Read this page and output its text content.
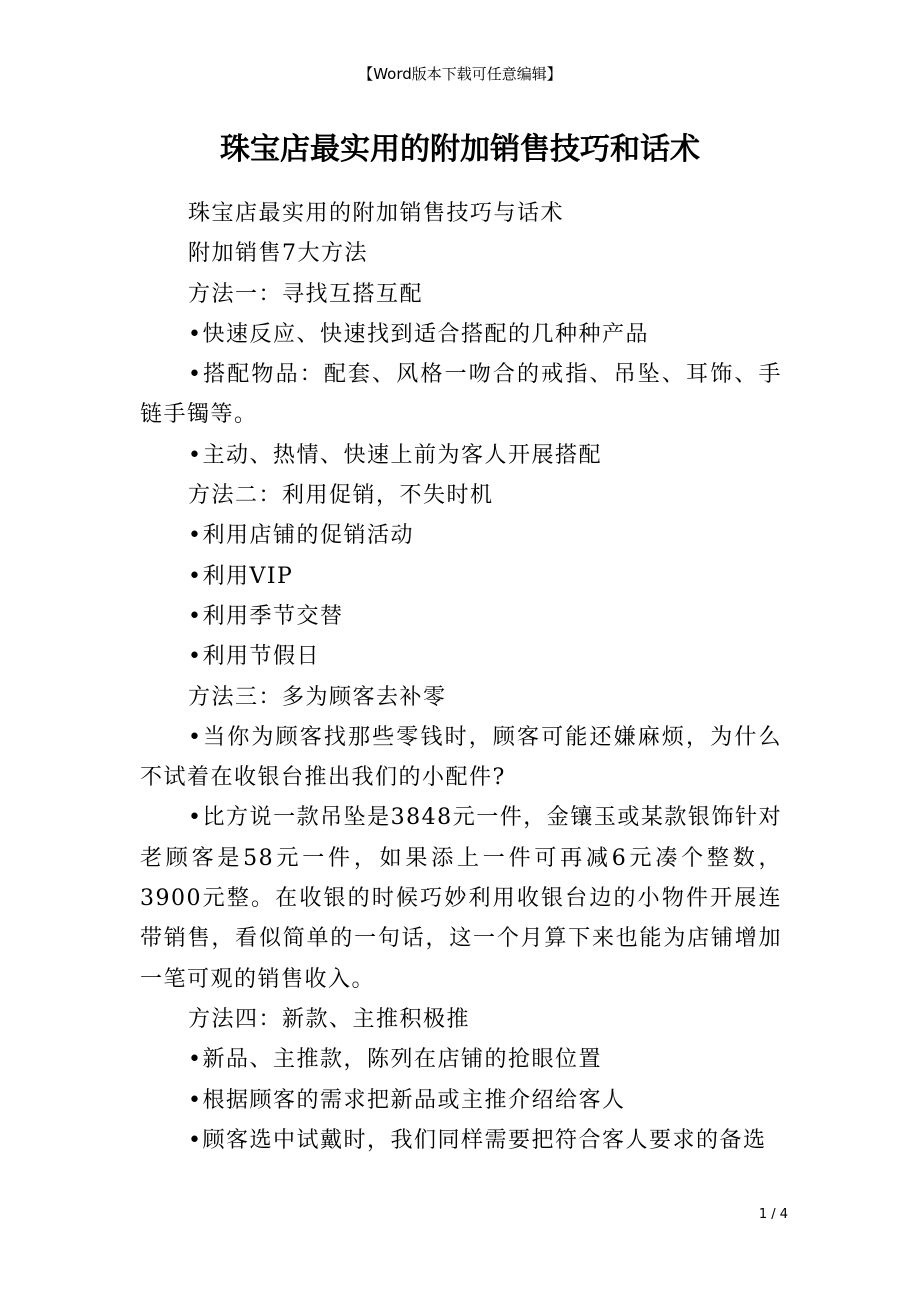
【Word版本下载可任意编辑】
珠宝店最实用的附加销售技巧和话术

珠宝店最实用的附加销售技巧与话术

附加销售7大方法

方法一：寻找互搭互配

•快速反应、快速找到适合搭配的几种种产品

•搭配物品：配套、风格一吻合的戒指、吊坠、耳饰、手链手镯等。

•主动、热情、快速上前为客人开展搭配

方法二：利用促销，不失时机

•利用店铺的促销活动

•利用VIP

•利用季节交替

•利用节假日

方法三：多为顾客去补零

•当你为顾客找那些零钱时，顾客可能还嫌麻烦，为什么不试着在收银台推出我们的小配件?

•比方说一款吊坠是3848元一件，金镶玉或某款银饰针对老顾客是58元一件，如果添上一件可再减6元凑个整数，3900元整。在收银的时候巧妙利用收银台边的小物件开展连带销售，看似简单的一句话，这一个月算下来也能为店铺增加一笔可观的销售收入。

方法四：新款、主推积极推

•新品、主推款，陈列在店铺的抢眼位置

•根据顾客的需求把新品或主推介绍给客人

•顾客选中试戴时，我们同样需要把符合客人要求的备选

1 / 4
